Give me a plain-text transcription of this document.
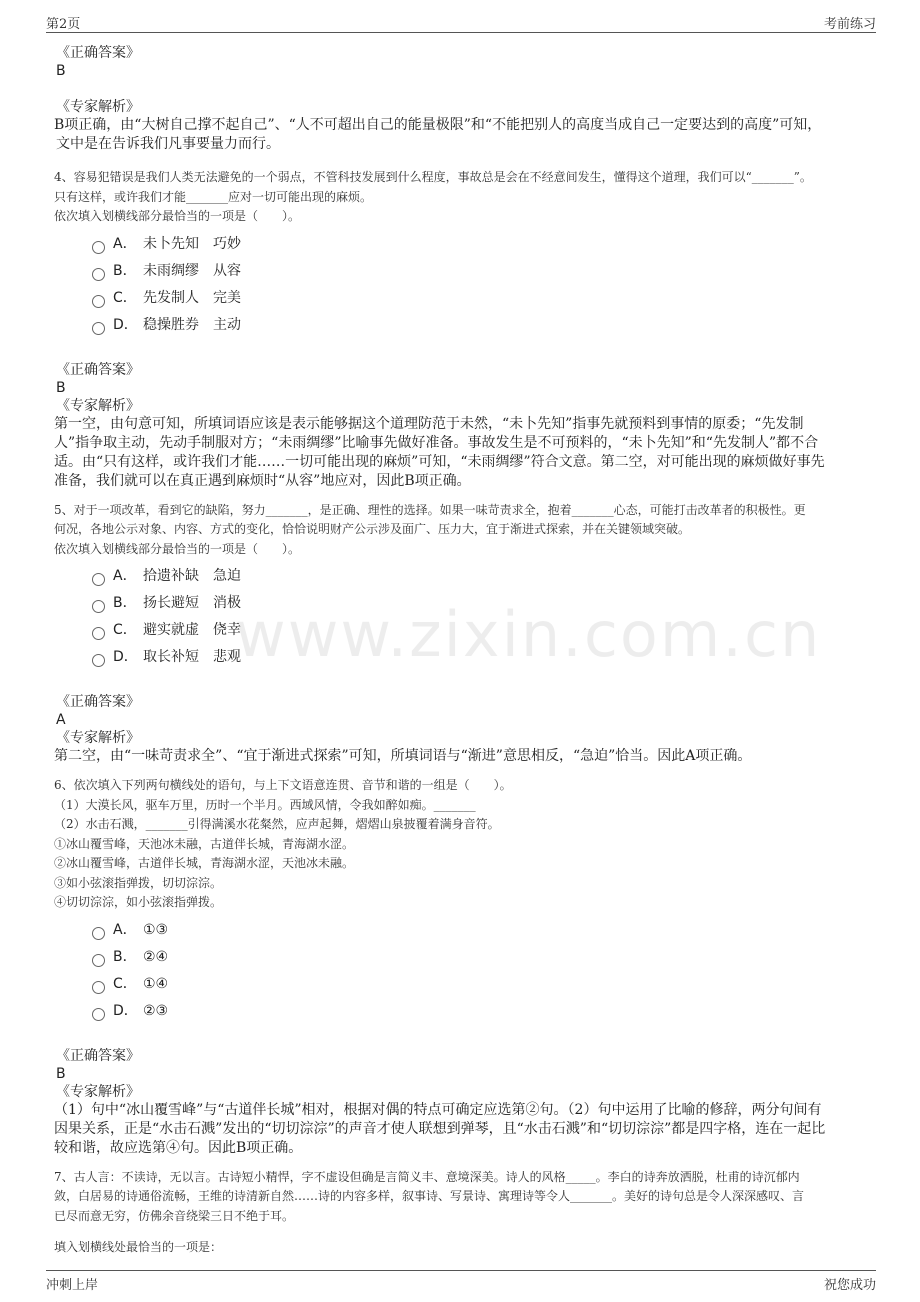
第2页	考前练习
www.zixin.com.cn
《正确答案》
B
《专家解析》
B项正确，由“大树自己撑不起自己”、“人不可超出自己的能量极限”和“不能把别人的高度当成自己一定要达到的高度”可知，
文中是在告诉我们凡事要量力而行。
4、容易犯错误是我们人类无法避免的一个弱点，不管科技发展到什么程度，事故总是会在不经意间发生，懂得这个道理，我们可以“_______”。
只有这样，或许我们才能_______应对一切可能出现的麻烦。
依次填入划横线部分最恰当的一项是（　　）。
A． 未卜先知　巧妙
B． 未雨绸缪　从容
C． 先发制人　完美
D． 稳操胜券　主动
《正确答案》
B
《专家解析》
第一空，由句意可知，所填词语应该是表示能够据这个道理防范于未然，“未卜先知”指事先就预料到事情的原委；“先发制
人”指争取主动，先动手制服对方；“未雨绸缪”比喻事先做好准备。事故发生是不可预料的，“未卜先知”和“先发制人”都不合
适。由“只有这样，或许我们才能……一切可能出现的麻烦”可知，“未雨绸缪”符合文意。第二空，对可能出现的麻烦做好事先
准备，我们就可以在真正遇到麻烦时“从容”地应对，因此B项正确。
5、对于一项改革，看到它的缺陷，努力_______，是正确、理性的选择。如果一味苛责求全，抱着_______心态，可能打击改革者的积极性。更
何况，各地公示对象、内容、方式的变化，恰恰说明财产公示涉及面广、压力大，宜于渐进式探索，并在关键领域突破。
依次填入划横线部分最恰当的一项是（　　）。
A． 拾遗补缺　急迫
B． 扬长避短　消极
C． 避实就虚　侥幸
D． 取长补短　悲观
《正确答案》
A
《专家解析》
第二空，由“一味苛责求全”、“宜于渐进式探索”可知，所填词语与“渐进”意思相反，“急迫”恰当。因此A项正确。
6、依次填入下列两句横线处的语句，与上下文语意连贯、音节和谐的一组是（　　）。
（1）大漠长风，驱车万里，历时一个半月。西域风情，令我如醉如痴。_______
（2）水击石溅，_______引得满溪水花粲然，应声起舞，熠熠山泉披覆着满身音符。
①冰山覆雪峰，天池冰未融，古道伴长城，青海湖水涩。
②冰山覆雪峰，古道伴长城，青海湖水涩，天池冰未融。
③如小弦滚指弹拨，切切淙淙。
④切切淙淙，如小弦滚指弹拨。
A． ①③
B． ②④
C． ①④
D． ②③
《正确答案》
B
《专家解析》
（1）句中“冰山覆雪峰”与“古道伴长城”相对，根据对偶的特点可确定应选第②句。（2）句中运用了比喻的修辞，两分句间有
因果关系，正是“水击石溅”发出的“切切淙淙”的声音才使人联想到弹琴，且“水击石溅”和“切切淙淙”都是四字格，连在一起比
较和谐，故应选第④句。因此B项正确。
7、古人言：不读诗，无以言。古诗短小精悍，字不虚设但确是言简义丰、意境深美。诗人的风格_____。李白的诗奔放洒脱，杜甫的诗沉郁内
敛，白居易的诗通俗流畅，王维的诗清新自然……诗的内容多样，叙事诗、写景诗、寓理诗等令人_______。美好的诗句总是令人深深感叹、言
已尽而意无穷，仿佛余音绕梁三日不绝于耳。
填入划横线处最恰当的一项是：
冲刺上岸	祝您成功
